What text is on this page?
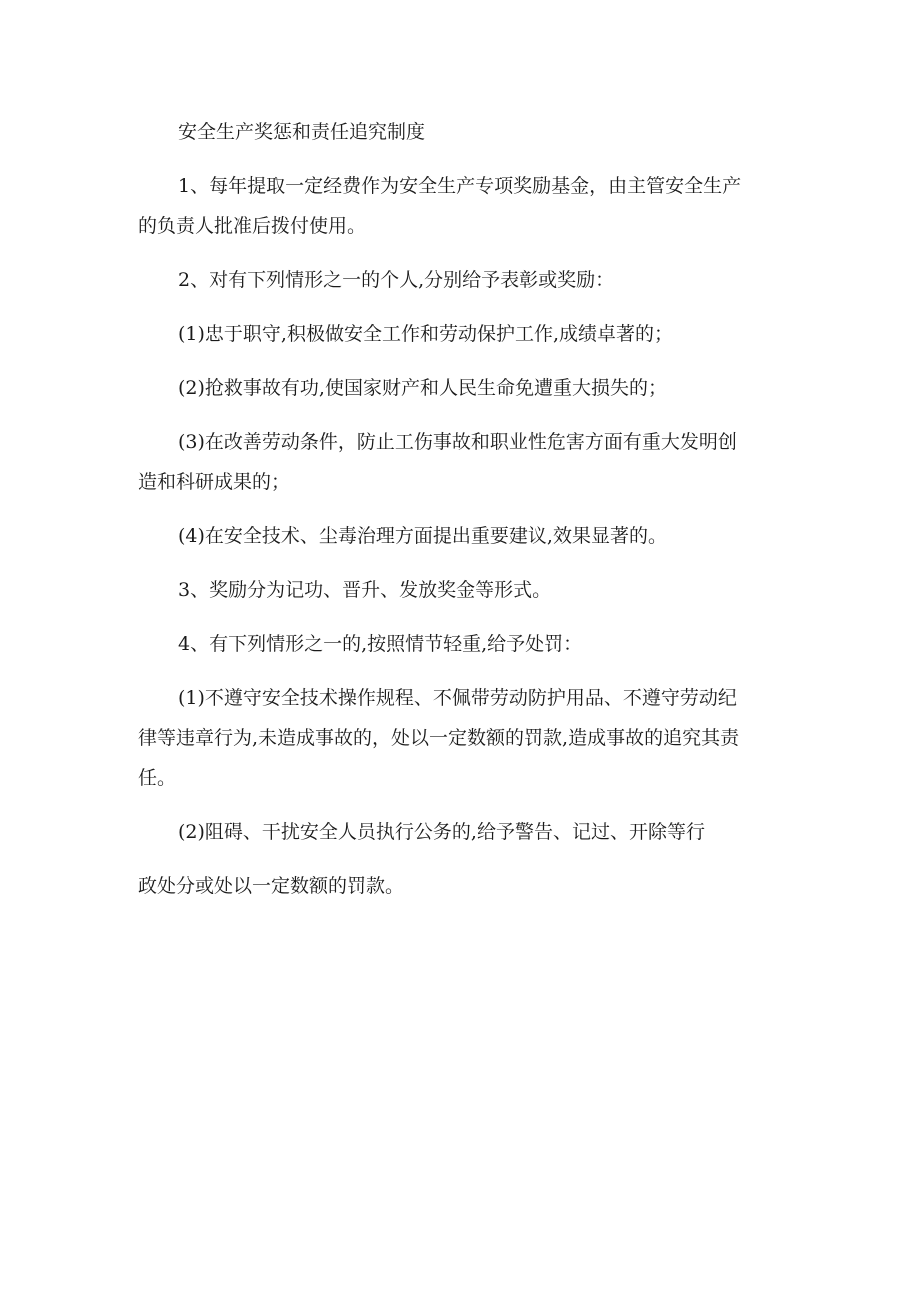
安全生产奖惩和责任追究制度

1、每年提取一定经费作为安全生产专项奖励基金，由主管安全生产

的负责人批准后拨付使用。

2、对有下列情形之一的个人,分别给予表彰或奖励：

(1)忠于职守,积极做安全工作和劳动保护工作,成绩卓著的；

(2)抢救事故有功,使国家财产和人民生命免遭重大损失的；

(3)在改善劳动条件，防止工伤事故和职业性危害方面有重大发明创

造和科研成果的；

(4)在安全技术、尘毒治理方面提出重要建议,效果显著的。

3、奖励分为记功、晋升、发放奖金等形式。

4、有下列情形之一的,按照情节轻重,给予处罚：

(1)不遵守安全技术操作规程、不佩带劳动防护用品、不遵守劳动纪

律等违章行为,未造成事故的，处以一定数额的罚款,造成事故的追究其责

任。

(2)阻碍、干扰安全人员执行公务的,给予警告、记过、开除等行

政处分或处以一定数额的罚款。
